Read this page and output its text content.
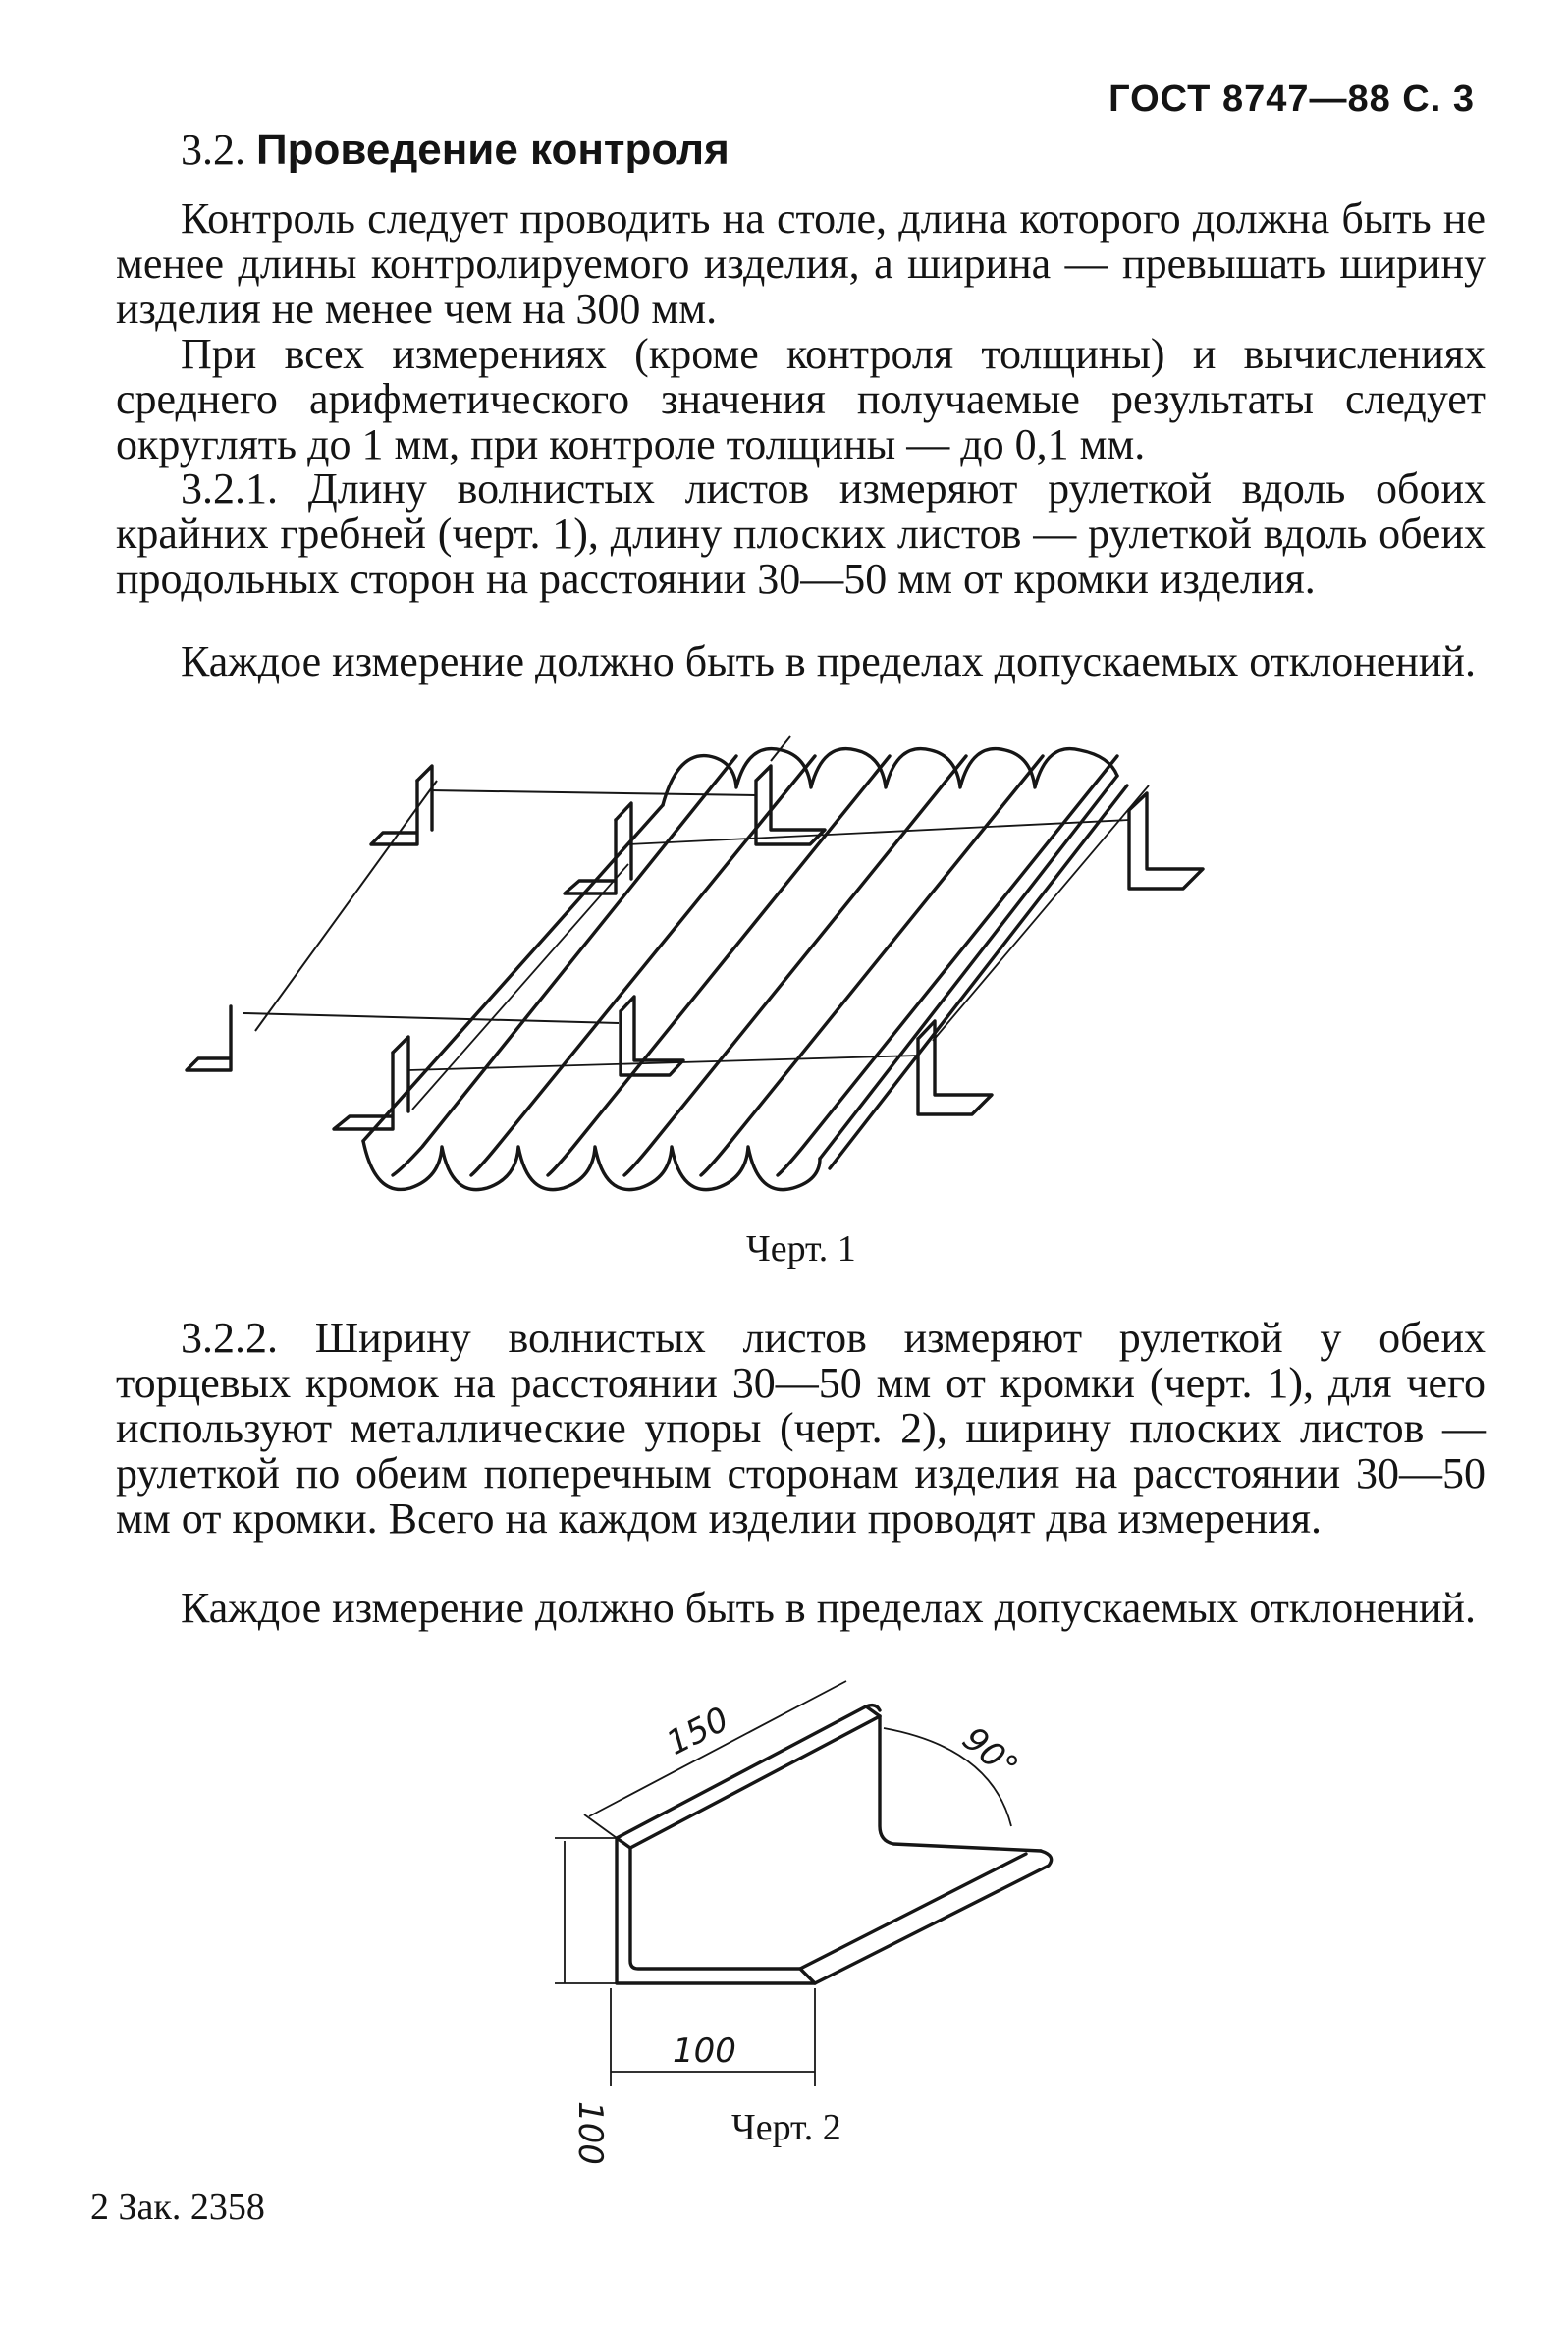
ГОСТ 8747—88 С. 3
3.2. Проведение контроля
Контроль следует проводить на столе, длина которого должна быть не менее длины контролируемого изделия, а ширина — превышать ширину изделия не менее чем на 300 мм.
При всех измерениях (кроме контроля толщины) и вычислениях среднего арифметического значения получаемые результаты следует округлять до 1 мм, при контроле толщины — до 0,1 мм.
3.2.1. Длину волнистых листов измеряют рулеткой вдоль обоих крайних гребней (черт. 1), длину плоских листов — рулеткой вдоль обеих продольных сторон на расстоянии 30—50 мм от кромки изделия.
Каждое измерение должно быть в пределах допускаемых отклонений.
Черт. 1
3.2.2. Ширину волнистых листов измеряют рулеткой у обеих торцевых кромок на расстоянии 30—50 мм от кромки (черт. 1), для чего используют металлические упоры (черт. 2), ширину плоских листов — рулеткой по обеим поперечным сторонам изделия на расстоянии 30—50 мм от кромки. Всего на каждом изделии проводят два измерения.
Каждое измерение должно быть в пределах допускаемых отклонений.
150	90°
100
100
Черт. 2
2 Зак. 2358
